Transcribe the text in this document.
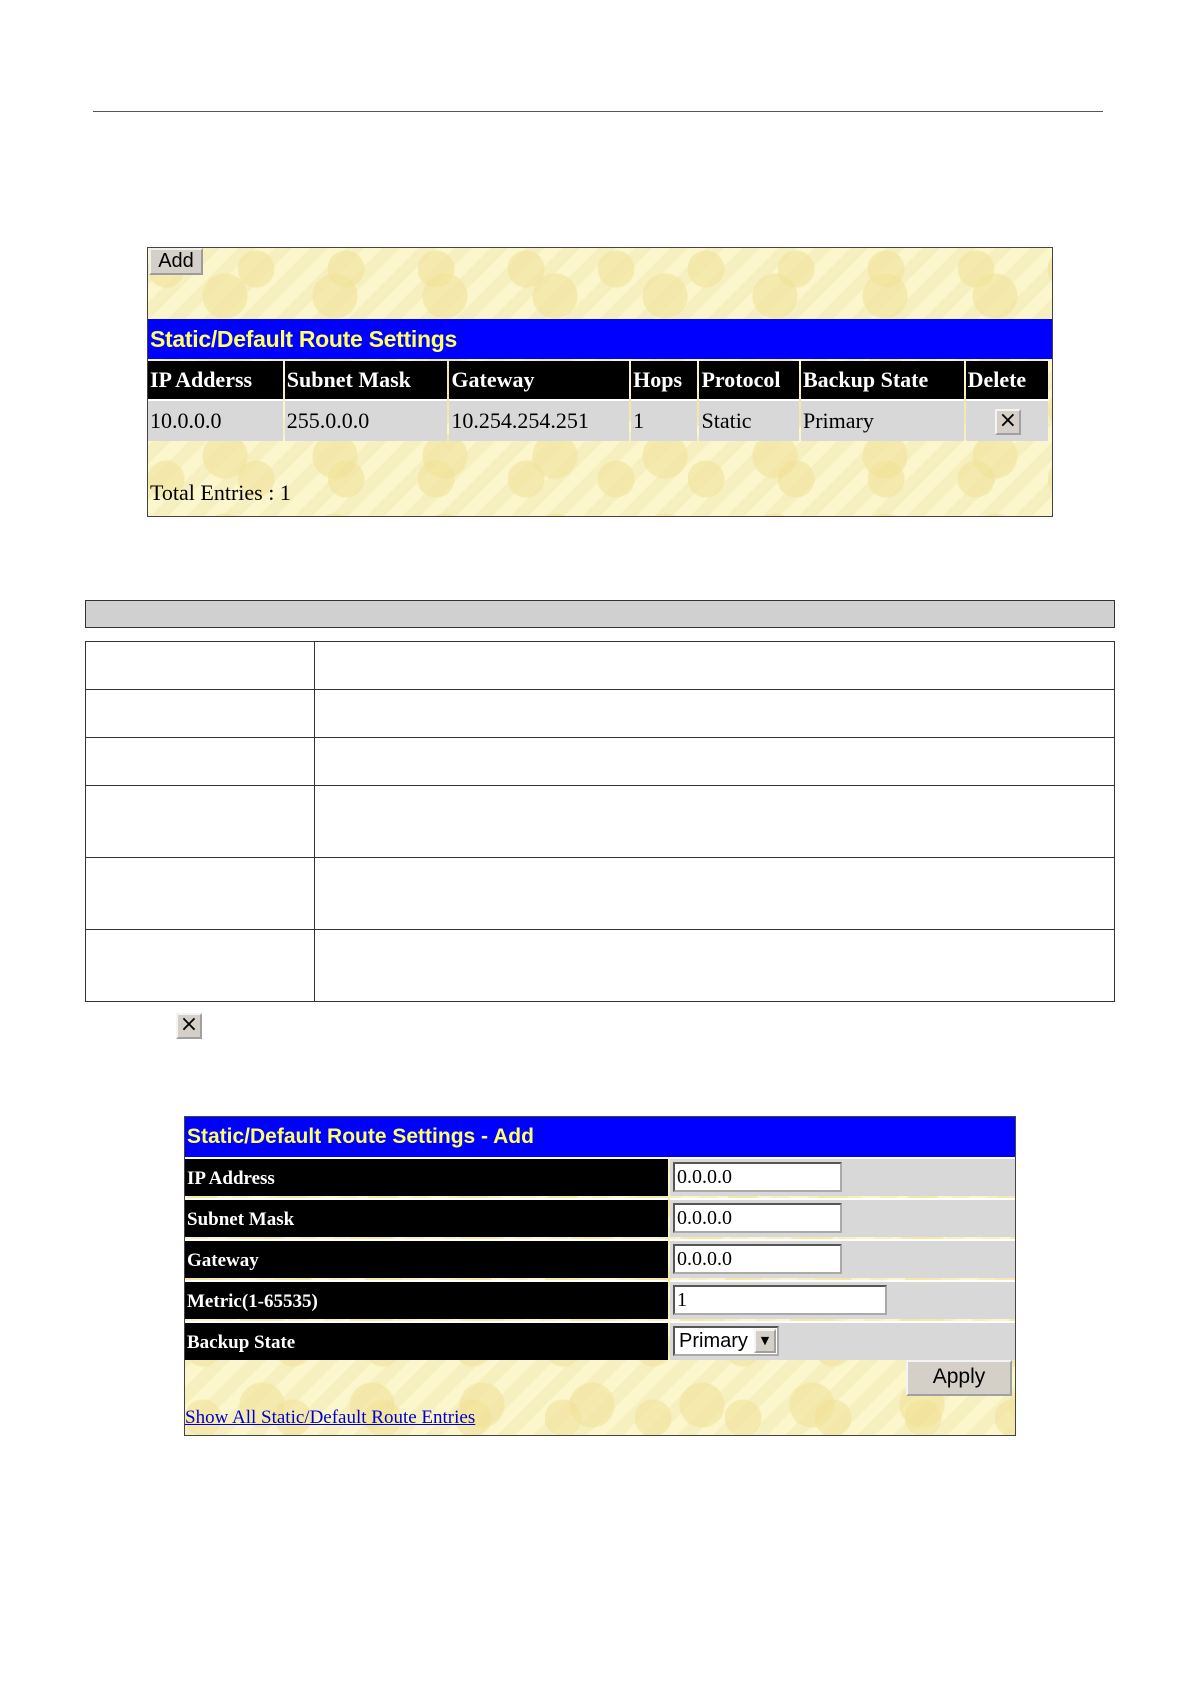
Add
Static/Default Route Settings
IP Adderss	Subnet Mask	Gateway	Hops	Protocol	Backup State	Delete
10.0.0.0	255.0.0.0	10.254.254.251	1	Static	Primary	×
Total Entries : 1

×
Static/Default Route Settings - Add
IP Address	0.0.0.0
Subnet Mask	0.0.0.0
Gateway	0.0.0.0
Metric(1-65535)	1
Backup State	Primary	▼
Apply
Show All Static/Default Route Entries
